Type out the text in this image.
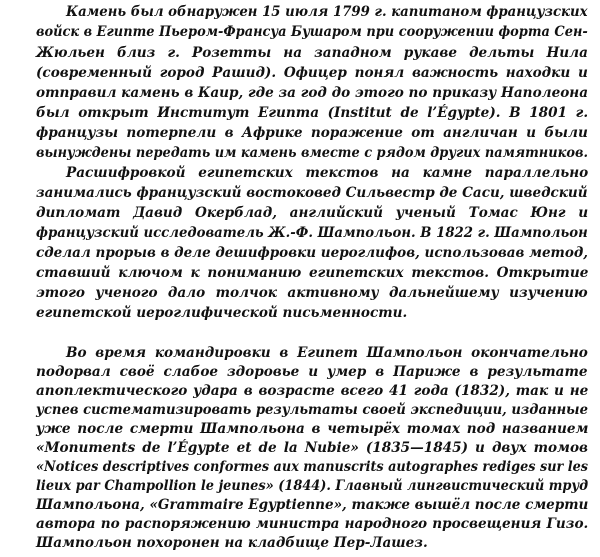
Камень был обнаружен 15 июля 1799 г. капитаном французских
войск в Египте Пьером-Франсуа Бушаром при сооружении форта Сен-
Жюльен близ г. Розетты на западном рукаве дельты Нила
(современный город Рашид). Офицер понял важность находки и
отправил камень в Каир, где за год до этого по приказу Наполеона
был открыт Институт Египта (Institut de l’Égypte). В 1801 г.
французы потерпели в Африке поражение от англичан и были
вынуждены передать им камень вместе с рядом других памятников.
Расшифровкой египетских текстов на камне параллельно
занимались французский востоковед Сильвестр де Саси, шведский
дипломат Давид Окерблад, английский ученый Томас Юнг и
французский исследователь Ж.-Ф. Шампольон. В 1822 г. Шампольон
сделал прорыв в деле дешифровки иероглифов, использовав метод,
ставший ключом к пониманию египетских текстов. Открытие
этого ученого дало толчок активному дальнейшему изучению
египетской иероглифической письменности.
Во время командировки в Египет Шампольон окончательно
подорвал своё слабое здоровье и умер в Париже в результате
апоплектического удара в возрасте всего 41 года (1832), так и не
успев систематизировать результаты своей экспедиции, изданные
уже после смерти Шампольона в четырёх томах под названием
«Monuments de l’Égypte et de la Nubie» (1835—1845) и двух томов
«Notices descriptives conformes aux manuscrits autographes rediges sur les
lieux par Champollion le jeunes» (1844). Главный лингвистический труд
Шампольона, «Grammaire Egyptienne», также вышёл после смерти
автора по распоряжению министра народного просвещения Гизо.
Шампольон похоронен на кладбище Пер-Лашез.
